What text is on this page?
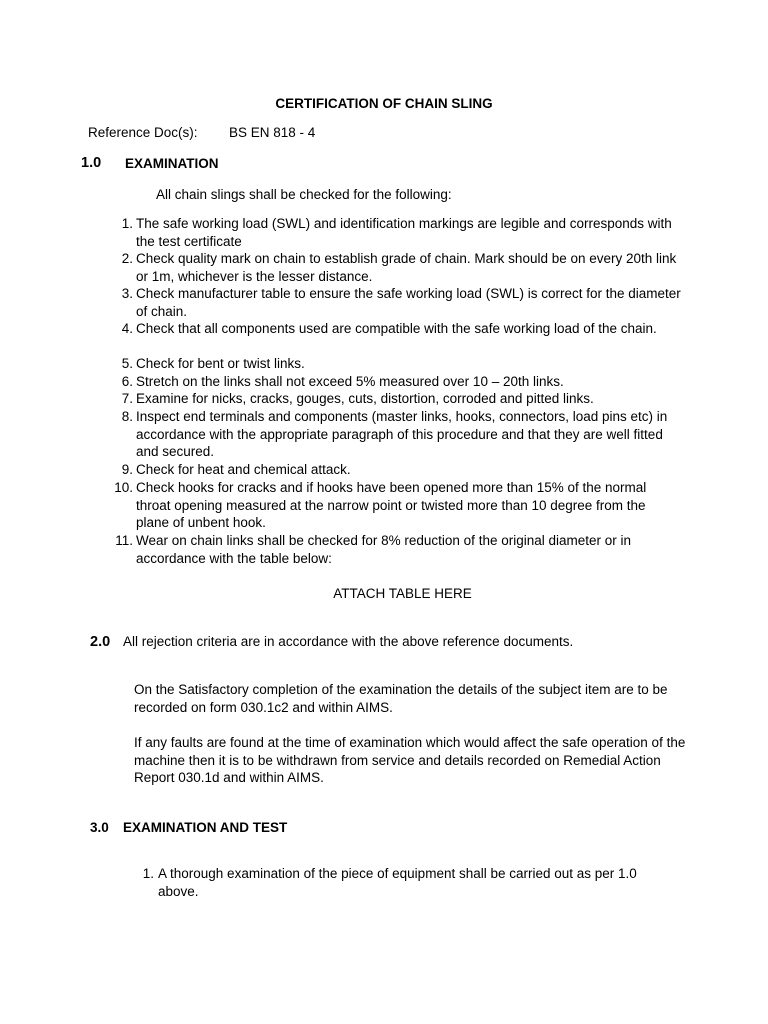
CERTIFICATION OF CHAIN SLING
Reference Doc(s): BS EN 818 - 4
1.0 EXAMINATION
All chain slings shall be checked for the following:
1. The safe working load (SWL) and identification markings are legible and corresponds with the test certificate
2. Check quality mark on chain to establish grade of chain. Mark should be on every 20th link or 1m, whichever is the lesser distance.
3. Check manufacturer table to ensure the safe working load (SWL) is correct for the diameter of chain.
4. Check that all components used are compatible with the safe working load of the chain.
5. Check for bent or twist links.
6. Stretch on the links shall not exceed 5% measured over 10 – 20th links.
7. Examine for nicks, cracks, gouges, cuts, distortion, corroded and pitted links.
8. Inspect end terminals and components (master links, hooks, connectors, load pins etc) in accordance with the appropriate paragraph of this procedure and that they are well fitted and secured.
9. Check for heat and chemical attack.
10. Check hooks for cracks and if hooks have been opened more than 15% of the normal throat opening measured at the narrow point or twisted more than 10 degree from the plane of unbent hook.
11. Wear on chain links shall be checked for 8% reduction of the original diameter or in accordance with the table below:
ATTACH TABLE HERE
2.0 All rejection criteria are in accordance with the above reference documents.
On the Satisfactory completion of the examination the details of the subject item are to be recorded on form 030.1c2 and within AIMS.
If any faults are found at the time of examination which would affect the safe operation of the machine then it is to be withdrawn from service and details recorded on Remedial Action Report 030.1d and within AIMS.
3.0 EXAMINATION AND TEST
1. A thorough examination of the piece of equipment shall be carried out as per 1.0 above.
